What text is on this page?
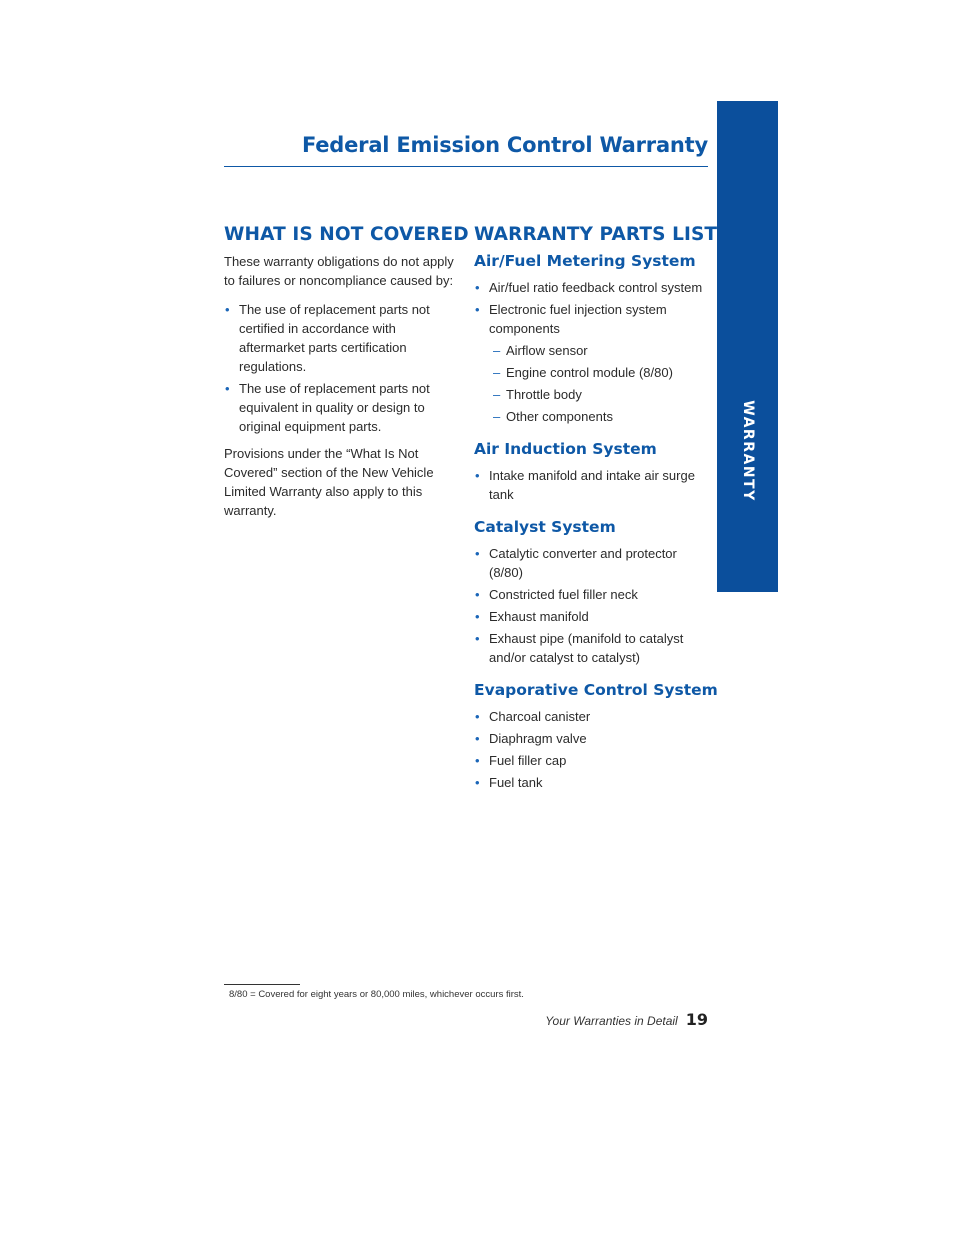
Federal Emission Control Warranty
WARRANTY
WHAT IS NOT COVERED

These warranty obligations do not apply to failures or noncompliance caused by:

•
The use of replacement parts not certified in accordance with aftermarket parts certification regulations.
•
The use of replacement parts not equivalent in quality or design to original equipment parts.

Provisions under the “What Is Not Covered” section of the New Vehicle Limited Warranty also apply to this warranty.

WARRANTY PARTS LIST
Air/Fuel Metering System
•
Air/fuel ratio feedback control system
•
Electronic fuel injection system components
–
Airflow sensor
–
Engine control module (8/80)
–
Throttle body
–
Other components
Air Induction System
•
Intake manifold and intake air surge tank
Catalyst System
•
Catalytic converter and protector (8/80)
•
Constricted fuel filler neck
•
Exhaust manifold
•
Exhaust pipe (manifold to catalyst and/or catalyst to catalyst)
Evaporative Control System
•
Charcoal canister
•
Diaphragm valve
•
Fuel filler cap
•
Fuel tank
8/80 = Covered for eight years or 80,000 miles, whichever occurs first.
Your Warranties in Detail 19
